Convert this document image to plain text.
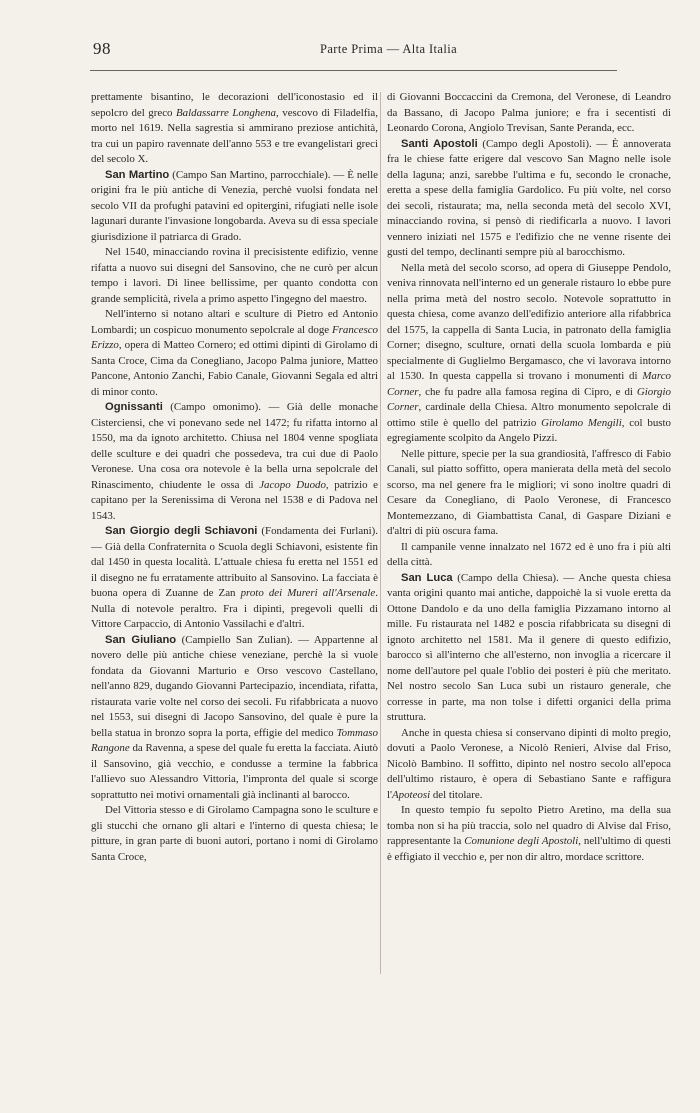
98	Parte Prima — Alta Italia

prettamente bisantino, le decorazioni dell'iconostasio ed il sepolcro del greco Baldassarre Longhena, vescovo di Filadelfia, morto nel 1619. Nella sagrestia si ammirano preziose antichità, tra cui un papiro ravennate dell'anno 553 e tre evangelistari greci del secolo X.

San Martino (Campo San Martino, parrocchiale). — È nelle origini fra le più antiche di Venezia, perchè vuolsi fondata nel secolo VII da profughi patavini ed opitergini, rifugiati nelle isole lagunari durante l'invasione longobarda. Aveva su di essa speciale giurisdizione il patriarca di Grado.

Nel 1540, minacciando rovina il precisistente edifizio, venne rifatta a nuovo sui disegni del Sansovino, che ne curò per alcun tempo i lavori. Di linee bellissime, per quanto condotta con grande semplicità, rivela a primo aspetto l'ingegno del maestro.

Nell'interno si notano altari e sculture di Pietro ed Antonio Lombardi; un cospicuo monumento sepolcrale al doge Francesco Erizzo, opera di Matteo Cornero; ed ottimi dipinti di Girolamo di Santa Croce, Cima da Conegliano, Jacopo Palma juniore, Matteo Pancone, Antonio Zanchi, Fabio Canale, Giovanni Segala ed altri di minor conto.

Ognissanti (Campo omonimo). — Già delle monache Cisterciensi, che vi ponevano sede nel 1472; fu rifatta intorno al 1550, ma da ignoto architetto. Chiusa nel 1804 venne spogliata delle sculture e dei quadri che possedeva, tra cui due di Paolo Veronese. Una cosa ora notevole è la bella urna sepolcrale del Rinascimento, chiudente le ossa di Jacopo Duodo, patrizio e capitano per la Serenissima di Verona nel 1538 e di Padova nel 1543.

San Giorgio degli Schiavoni (Fondamenta dei Furlani). — Già della Confraternita o Scuola degli Schiavoni, esistente fin dal 1450 in questa località. L'attuale chiesa fu eretta nel 1551 ed il disegno ne fu erratamente attribuito al Sansovino. La facciata è buona opera di Zuanne de Zan proto dei Mureri all'Arsenale. Nulla di notevole peraltro. Fra i dipinti, pregevoli quelli di Vittore Carpaccio, di Antonio Vassilachi e d'altri.

San Giuliano (Campiello San Zulian). — Appartenne al novero delle più antiche chiese veneziane, perchè la si vuole fondata da Giovanni Marturio e Orso vescovo Castellano, nell'anno 829, dugando Giovanni Partecipazio, incendiata, rifatta, ristaurata varie volte nel corso dei secoli. Fu rifabbricata a nuovo nel 1553, sui disegni di Jacopo Sansovino, del quale è pure la bella statua in bronzo sopra la porta, effigie del medico Tommaso Rangone da Ravenna, a spese del quale fu eretta la facciata. Aiutò il Sansovino, già vecchio, e condusse a termine la fabbrica l'allievo suo Alessandro Vittoria, l'impronta del quale si scorge soprattutto nei motivi ornamentali già inclinanti al barocco.

Del Vittoria stesso e di Girolamo Campagna sono le sculture e gli stucchi che ornano gli altari e l'interno di questa chiesa; le pitture, in gran parte di buoni autori, portano i nomi di Girolamo Santa Croce,

di Giovanni Boccaccini da Cremona, del Veronese, di Leandro da Bassano, di Jacopo Palma juniore; e fra i secentisti di Leonardo Corona, Angiolo Trevisan, Sante Peranda, ecc.

Santi Apostoli (Campo degli Apostoli). — È annoverata fra le chiese fatte erigere dal vescovo San Magno nelle isole della laguna; anzi, sarebbe l'ultima e fu, secondo le cronache, eretta a spese della famiglia Gardolico. Fu più volte, nel corso dei secoli, ristaurata; ma, nella seconda metà del secolo XVI, minacciando rovina, si pensò di riedificarla a nuovo. I lavori vennero iniziati nel 1575 e l'edifizio che ne venne risente dei gusti del tempo, declinanti sempre più al barocchismo.

Nella metà del secolo scorso, ad opera di Giuseppe Pendolo, veniva rinnovata nell'interno ed un generale ristauro lo ebbe pure nella prima metà del nostro secolo. Notevole soprattutto in questa chiesa, come avanzo dell'edifizio anteriore alla rifabbrica del 1575, la cappella di Santa Lucia, in patronato della famiglia Corner; disegno, sculture, ornati della scuola lombarda e più specialmente di Guglielmo Bergamasco, che vi lavorava intorno al 1530. In questa cappella si trovano i monumenti di Marco Corner, che fu padre alla famosa regina di Cipro, e di Giorgio Corner, cardinale della Chiesa. Altro monumento sepolcrale di ottimo stile è quello del patrizio Girolamo Mengili, col busto egregiamente scolpito da Angelo Pizzi.

Nelle pitture, specie per la sua grandiosità, l'affresco di Fabio Canali, sul piatto soffitto, opera manierata della metà del secolo scorso, ma nel genere fra le migliori; vi sono inoltre quadri di Cesare da Conegliano, di Paolo Veronese, di Francesco Montemezzano, di Giambattista Canal, di Gaspare Diziani e d'altri di più oscura fama.

Il campanile venne innalzato nel 1672 ed è uno fra i più alti della città.

San Luca (Campo della Chiesa). — Anche questa chiesa vanta origini quanto mai antiche, dappoichè la si vuole eretta da Ottone Dandolo e da uno della famiglia Pizzamano intorno al mille. Fu ristaurata nel 1482 e poscia rifabbricata su disegni di ignoto architetto nel 1581. Ma il genere di questo edifizio, barocco sì all'interno che all'esterno, non invoglia a ricercare il nome dell'autore pel quale l'oblio dei posteri è più che meritato. Nel nostro secolo San Luca subì un ristauro generale, che corresse in parte, ma non tolse i difetti organici della prima struttura.

Anche in questa chiesa si conservano dipinti di molto pregio, dovuti a Paolo Veronese, a Nicolò Renieri, Alvise dal Friso, Nicolò Bambino. Il soffitto, dipinto nel nostro secolo all'epoca dell'ultimo ristauro, è opera di Sebastiano Sante e raffigura l'Apoteosi del titolare.

In questo tempio fu sepolto Pietro Aretino, ma della sua tomba non si ha più traccia, solo nel quadro di Alvise dal Friso, rappresentante la Comunione degli Apostoli, nell'ultimo di questi è effigiato il vecchio e, per non dir altro, mordace scrittore.
